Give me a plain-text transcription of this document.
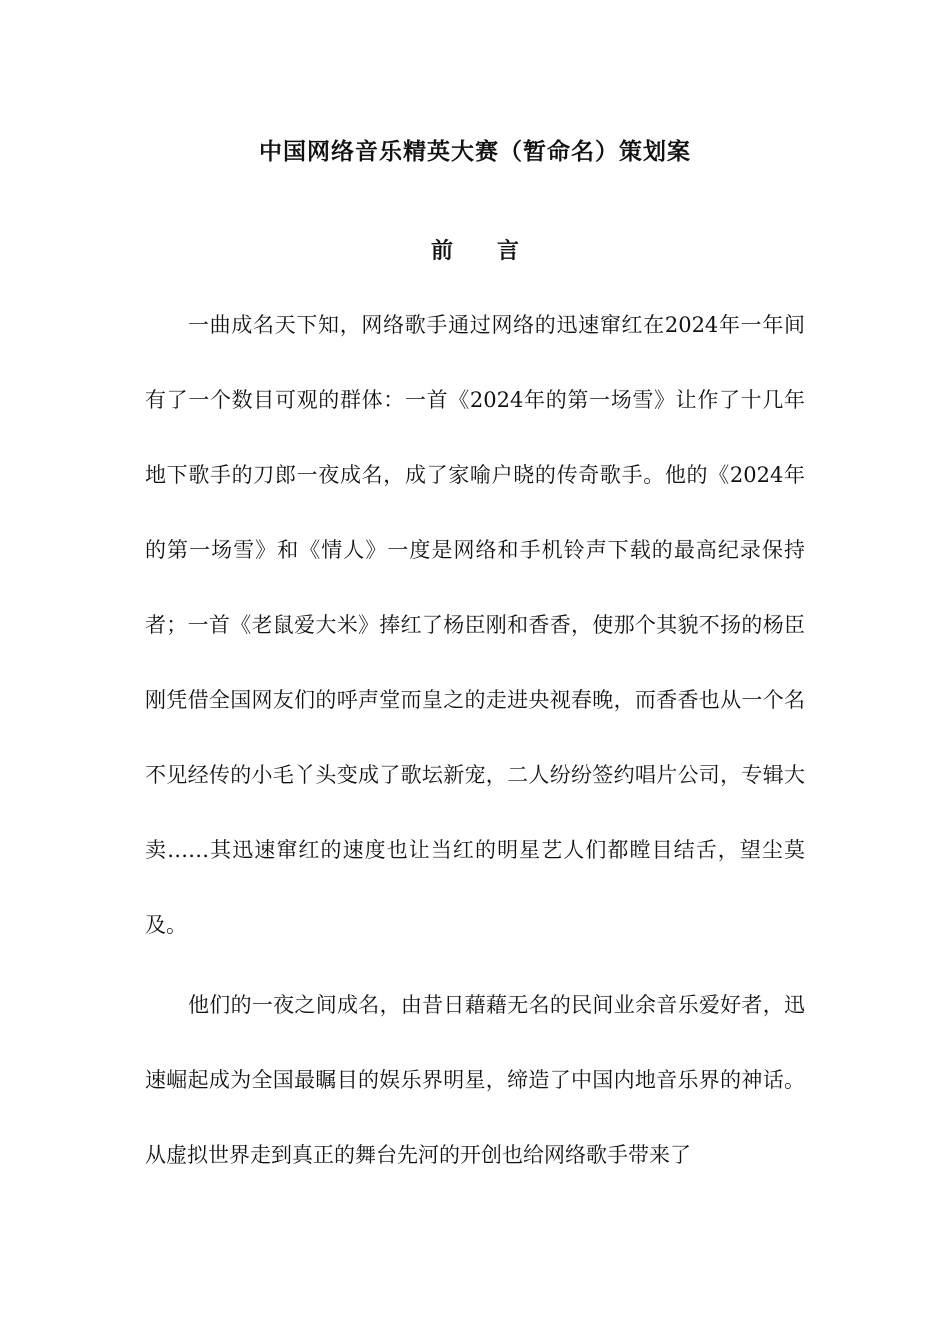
中国网络音乐精英大赛（暂命名）策划案
前 言

一曲成名天下知，网络歌手通过网络的迅速窜红在2024年一年间有了一个数目可观的群体：一首《2024年的第一场雪》让作了十几年地下歌手的刀郎一夜成名，成了家喻户晓的传奇歌手。他的《2024年的第一场雪》和《情人》一度是网络和手机铃声下载的最高纪录保持者；一首《老鼠爱大米》捧红了杨臣刚和香香，使那个其貌不扬的杨臣刚凭借全国网友们的呼声堂而皇之的走进央视春晚，而香香也从一个名不见经传的小毛丫头变成了歌坛新宠，二人纷纷签约唱片公司，专辑大卖……其迅速窜红的速度也让当红的明星艺人们都瞠目结舌，望尘莫及。

他们的一夜之间成名，由昔日藉藉无名的民间业余音乐爱好者，迅速崛起成为全国最瞩目的娱乐界明星，缔造了中国内地音乐界的神话。从虚拟世界走到真正的舞台先河的开创也给网络歌手带来了
